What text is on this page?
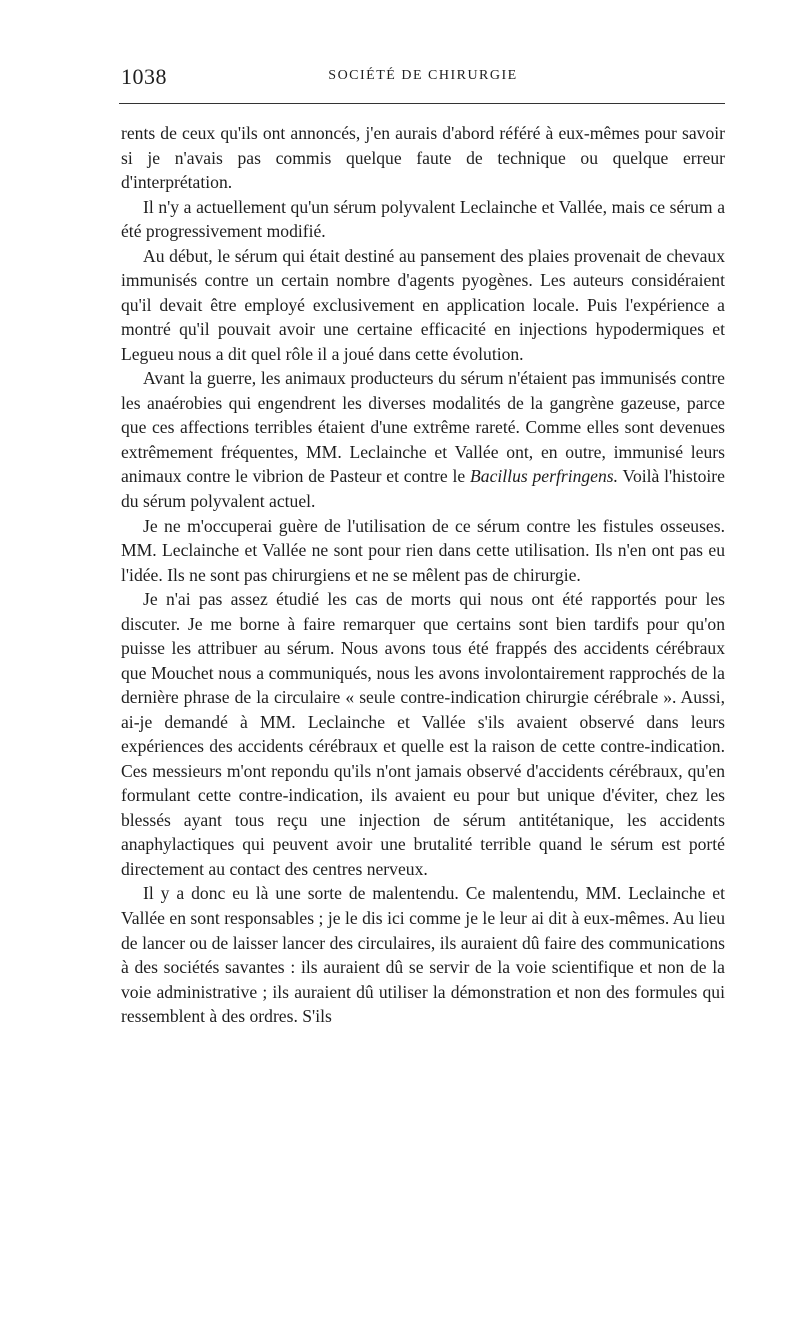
1038	SOCIÉTÉ DE CHIRURGIE

rents de ceux qu'ils ont annoncés, j'en aurais d'abord référé à eux-mêmes pour savoir si je n'avais pas commis quelque faute de technique ou quelque erreur d'interprétation.

Il n'y a actuellement qu'un sérum polyvalent Leclainche et Vallée, mais ce sérum a été progressivement modifié.

Au début, le sérum qui était destiné au pansement des plaies provenait de chevaux immunisés contre un certain nombre d'agents pyogènes. Les auteurs considéraient qu'il devait être employé exclusivement en application locale. Puis l'expérience a montré qu'il pouvait avoir une certaine efficacité en injections hypodermiques et Legueu nous a dit quel rôle il a joué dans cette évolution.

Avant la guerre, les animaux producteurs du sérum n'étaient pas immunisés contre les anaérobies qui engendrent les diverses modalités de la gangrène gazeuse, parce que ces affections terribles étaient d'une extrême rareté. Comme elles sont devenues extrêmement fréquentes, MM. Leclainche et Vallée ont, en outre, immunisé leurs animaux contre le vibrion de Pasteur et contre le Bacillus perfringens. Voilà l'histoire du sérum polyvalent actuel.

Je ne m'occuperai guère de l'utilisation de ce sérum contre les fistules osseuses. MM. Leclainche et Vallée ne sont pour rien dans cette utilisation. Ils n'en ont pas eu l'idée. Ils ne sont pas chirurgiens et ne se mêlent pas de chirurgie.

Je n'ai pas assez étudié les cas de morts qui nous ont été rapportés pour les discuter. Je me borne à faire remarquer que certains sont bien tardifs pour qu'on puisse les attribuer au sérum. Nous avons tous été frappés des accidents cérébraux que Mouchet nous a communiqués, nous les avons involontairement rapprochés de la dernière phrase de la circulaire « seule contre-indication chirurgie cérébrale ». Aussi, ai-je demandé à MM. Leclainche et Vallée s'ils avaient observé dans leurs expériences des accidents cérébraux et quelle est la raison de cette contre-indication. Ces messieurs m'ont repondu qu'ils n'ont jamais observé d'accidents cérébraux, qu'en formulant cette contre-indication, ils avaient eu pour but unique d'éviter, chez les blessés ayant tous reçu une injection de sérum antitétanique, les accidents anaphylactiques qui peuvent avoir une brutalité terrible quand le sérum est porté directement au contact des centres nerveux.

Il y a donc eu là une sorte de malentendu. Ce malentendu, MM. Leclainche et Vallée en sont responsables ; je le dis ici comme je le leur ai dit à eux-mêmes. Au lieu de lancer ou de laisser lancer des circulaires, ils auraient dû faire des communications à des sociétés savantes : ils auraient dû se servir de la voie scientifique et non de la voie administrative ; ils auraient dû utiliser la démonstration et non des formules qui ressemblent à des ordres. S'ils
